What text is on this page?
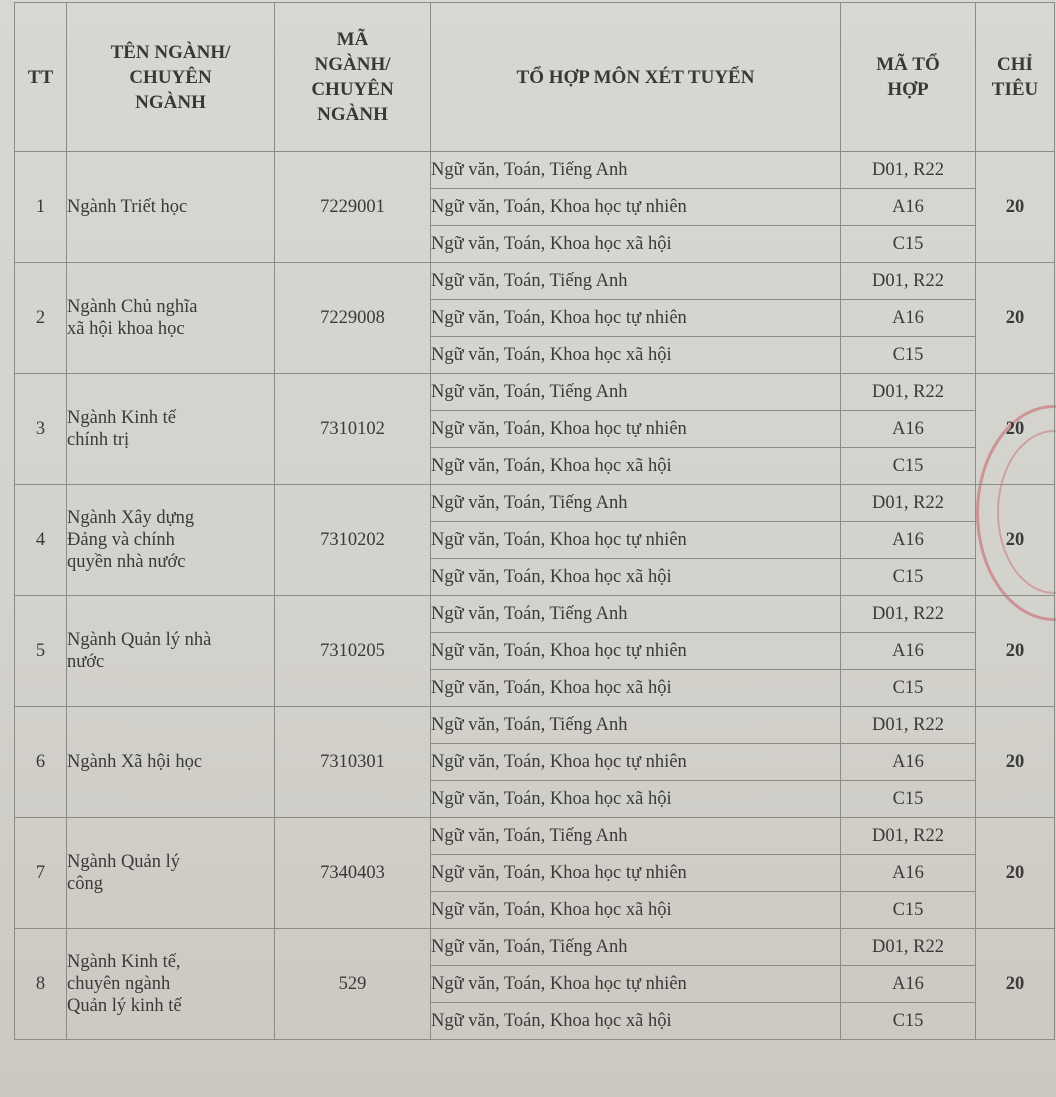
TT	TÊN NGÀNH/
CHUYÊN
NGÀNH	MÃ
NGÀNH/
CHUYÊN
NGÀNH	TỔ HỢP MÔN XÉT TUYỂN	MÃ TỔ
HỢP	CHỈ
TIÊU
1	Ngành Triết học	7229001	Ngữ văn, Toán, Tiếng Anh	D01, R22	20
			Ngữ văn, Toán, Khoa học tự nhiên	A16	
			Ngữ văn, Toán, Khoa học xã hội	C15	
2	Ngành Chủ nghĩa
xã hội khoa học	7229008	Ngữ văn, Toán, Tiếng Anh	D01, R22	20
			Ngữ văn, Toán, Khoa học tự nhiên	A16	
			Ngữ văn, Toán, Khoa học xã hội	C15	
3	Ngành Kinh tế
chính trị	7310102	Ngữ văn, Toán, Tiếng Anh	D01, R22	20
			Ngữ văn, Toán, Khoa học tự nhiên	A16	
			Ngữ văn, Toán, Khoa học xã hội	C15	
4	Ngành Xây dựng
Đảng và chính
quyền nhà nước	7310202	Ngữ văn, Toán, Tiếng Anh	D01, R22	20
			Ngữ văn, Toán, Khoa học tự nhiên	A16	
			Ngữ văn, Toán, Khoa học xã hội	C15	
5	Ngành Quản lý nhà
nước	7310205	Ngữ văn, Toán, Tiếng Anh	D01, R22	20
			Ngữ văn, Toán, Khoa học tự nhiên	A16	
			Ngữ văn, Toán, Khoa học xã hội	C15	
6	Ngành Xã hội học	7310301	Ngữ văn, Toán, Tiếng Anh	D01, R22	20
			Ngữ văn, Toán, Khoa học tự nhiên	A16	
			Ngữ văn, Toán, Khoa học xã hội	C15	
7	Ngành Quản lý
công	7340403	Ngữ văn, Toán, Tiếng Anh	D01, R22	20
			Ngữ văn, Toán, Khoa học tự nhiên	A16	
			Ngữ văn, Toán, Khoa học xã hội	C15	
8	Ngành Kinh tế,
chuyên ngành
Quản lý kinh tế	529	Ngữ văn, Toán, Tiếng Anh	D01, R22	20
			Ngữ văn, Toán, Khoa học tự nhiên	A16	
			Ngữ văn, Toán, Khoa học xã hội	C15	
